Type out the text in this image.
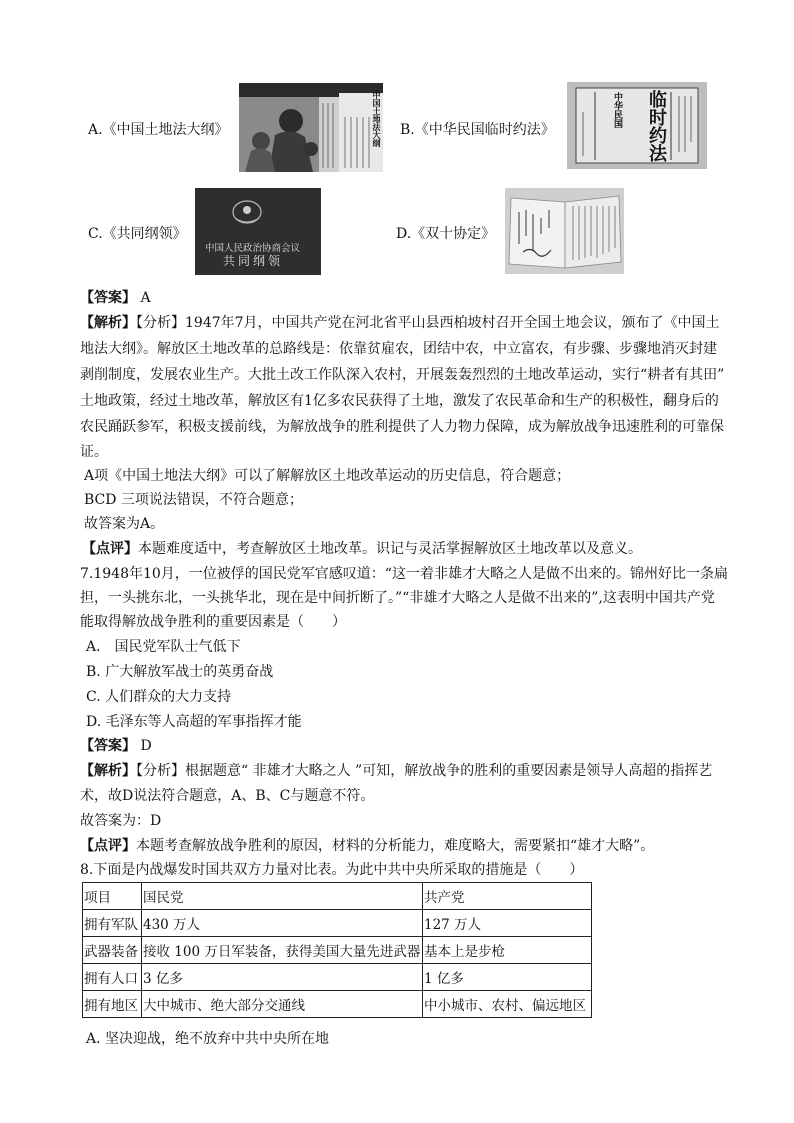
A.《中国土地法大纲》	中国土地法大纲 B.《中华民国临时约法》
中华民国	临时约法
C.《共同纲领》
中国人民政治协商会议
共同纲领
D.《双十协定》
【答案】 A
【解析】【分析】1947年7月，中国共产党在河北省平山县西柏坡村召开全国土地会议，颁布了《中国土
地法大纲》。解放区土地改革的总路线是：依靠贫雇农，团结中农，中立富农，有步骤、步骤地消灭封建
剥削制度，发展农业生产。大批土改工作队深入农村，开展轰轰烈烈的土地改革运动，实行“耕者有其田”
土地政策，经过土地改革，解放区有1亿多农民获得了土地，激发了农民革命和生产的积极性，翻身后的
农民踊跃参军，积极支援前线，为解放战争的胜利提供了人力物力保障，成为解放战争迅速胜利的可靠保
证。
A项《中国土地法大纲》可以了解解放区土地改革运动的历史信息，符合题意；
BCD 三项说法错误，不符合题意；
故答案为A。
【点评】本题难度适中，考查解放区土地改革。识记与灵活掌握解放区土地改革以及意义。
7.1948年10月，一位被俘的国民党军官感叹道：“这一着非雄才大略之人是做不出来的。锦州好比一条扁
担，一头挑东北，一头挑华北，现在是中间折断了。”“非雄才大略之人是做不出来的”,这表明中国共产党
能取得解放战争胜利的重要因素是（　　）
A.　国民党军队士气低下
B. 广大解放军战士的英勇奋战
C. 人们群众的大力支持
D. 毛泽东等人高超的军事指挥才能
【答案】 D
【解析】【分析】根据题意“ 非雄才大略之人 ”可知，解放战争的胜利的重要因素是领导人高超的指挥艺
术，故D说法符合题意，A、B、C与题意不符。
故答案为：D
【点评】本题考查解放战争胜利的原因，材料的分析能力，难度略大，需要紧扣“雄才大略”。
8.下面是内战爆发时国共双方力量对比表。为此中共中央所采取的措施是（　　）
项目	国民党	共产党
拥有军队	430 万人	127 万人
武器装备	接收 100 万日军装备，获得美国大量先进武器	基本上是步枪
拥有人口	3 亿多	1 亿多
拥有地区	大中城市、绝大部分交通线	中小城市、农村、偏远地区
A. 坚决迎战，绝不放弃中共中央所在地
